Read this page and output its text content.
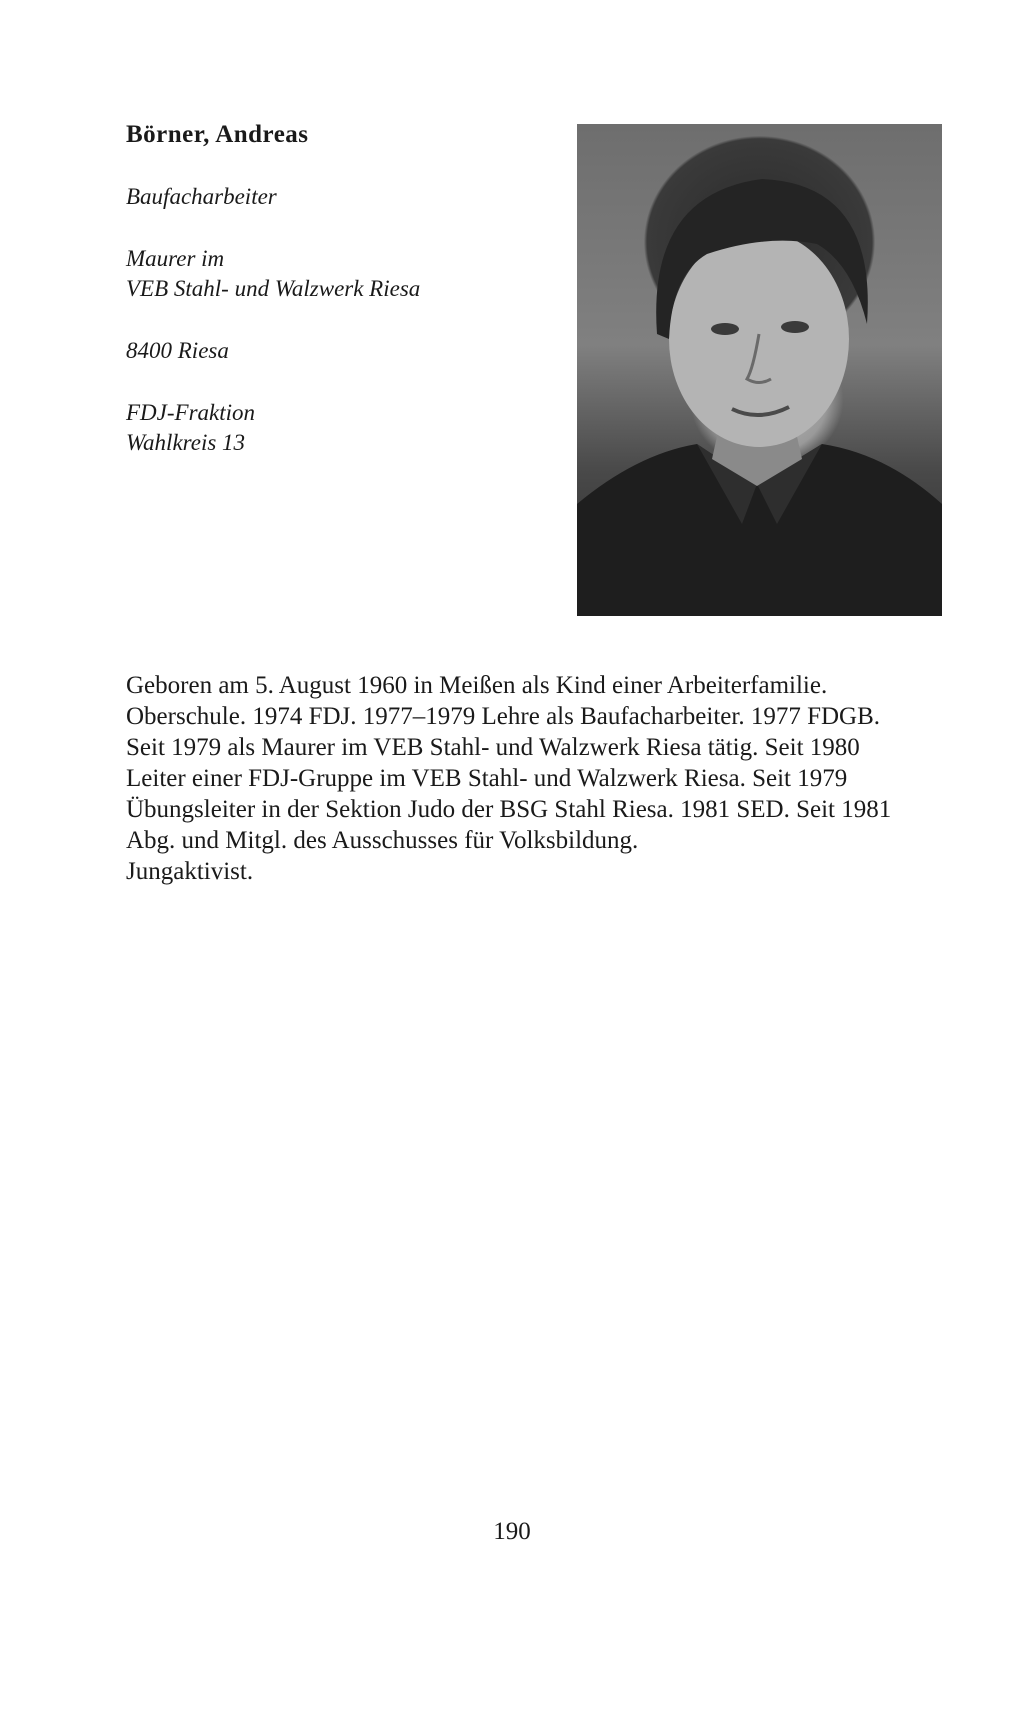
Börner, Andreas

Baufacharbeiter

Maurer im

VEB Stahl- und Walzwerk Riesa

8400 Riesa

FDJ-Fraktion

Wahlkreis 13

Geboren am 5. August 1960 in Meißen als Kind einer Arbeiterfamilie.
Oberschule. 1974 FDJ. 1977–1979 Lehre als Baufacharbeiter. 1977 FDGB.
Seit 1979 als Maurer im VEB Stahl- und Walzwerk Riesa tätig. Seit 1980
Leiter einer FDJ-Gruppe im VEB Stahl- und Walzwerk Riesa. Seit 1979
Übungsleiter in der Sektion Judo der BSG Stahl Riesa. 1981 SED. Seit 1981
Abg. und Mitgl. des Ausschusses für Volksbildung.
Jungaktivist.
190
